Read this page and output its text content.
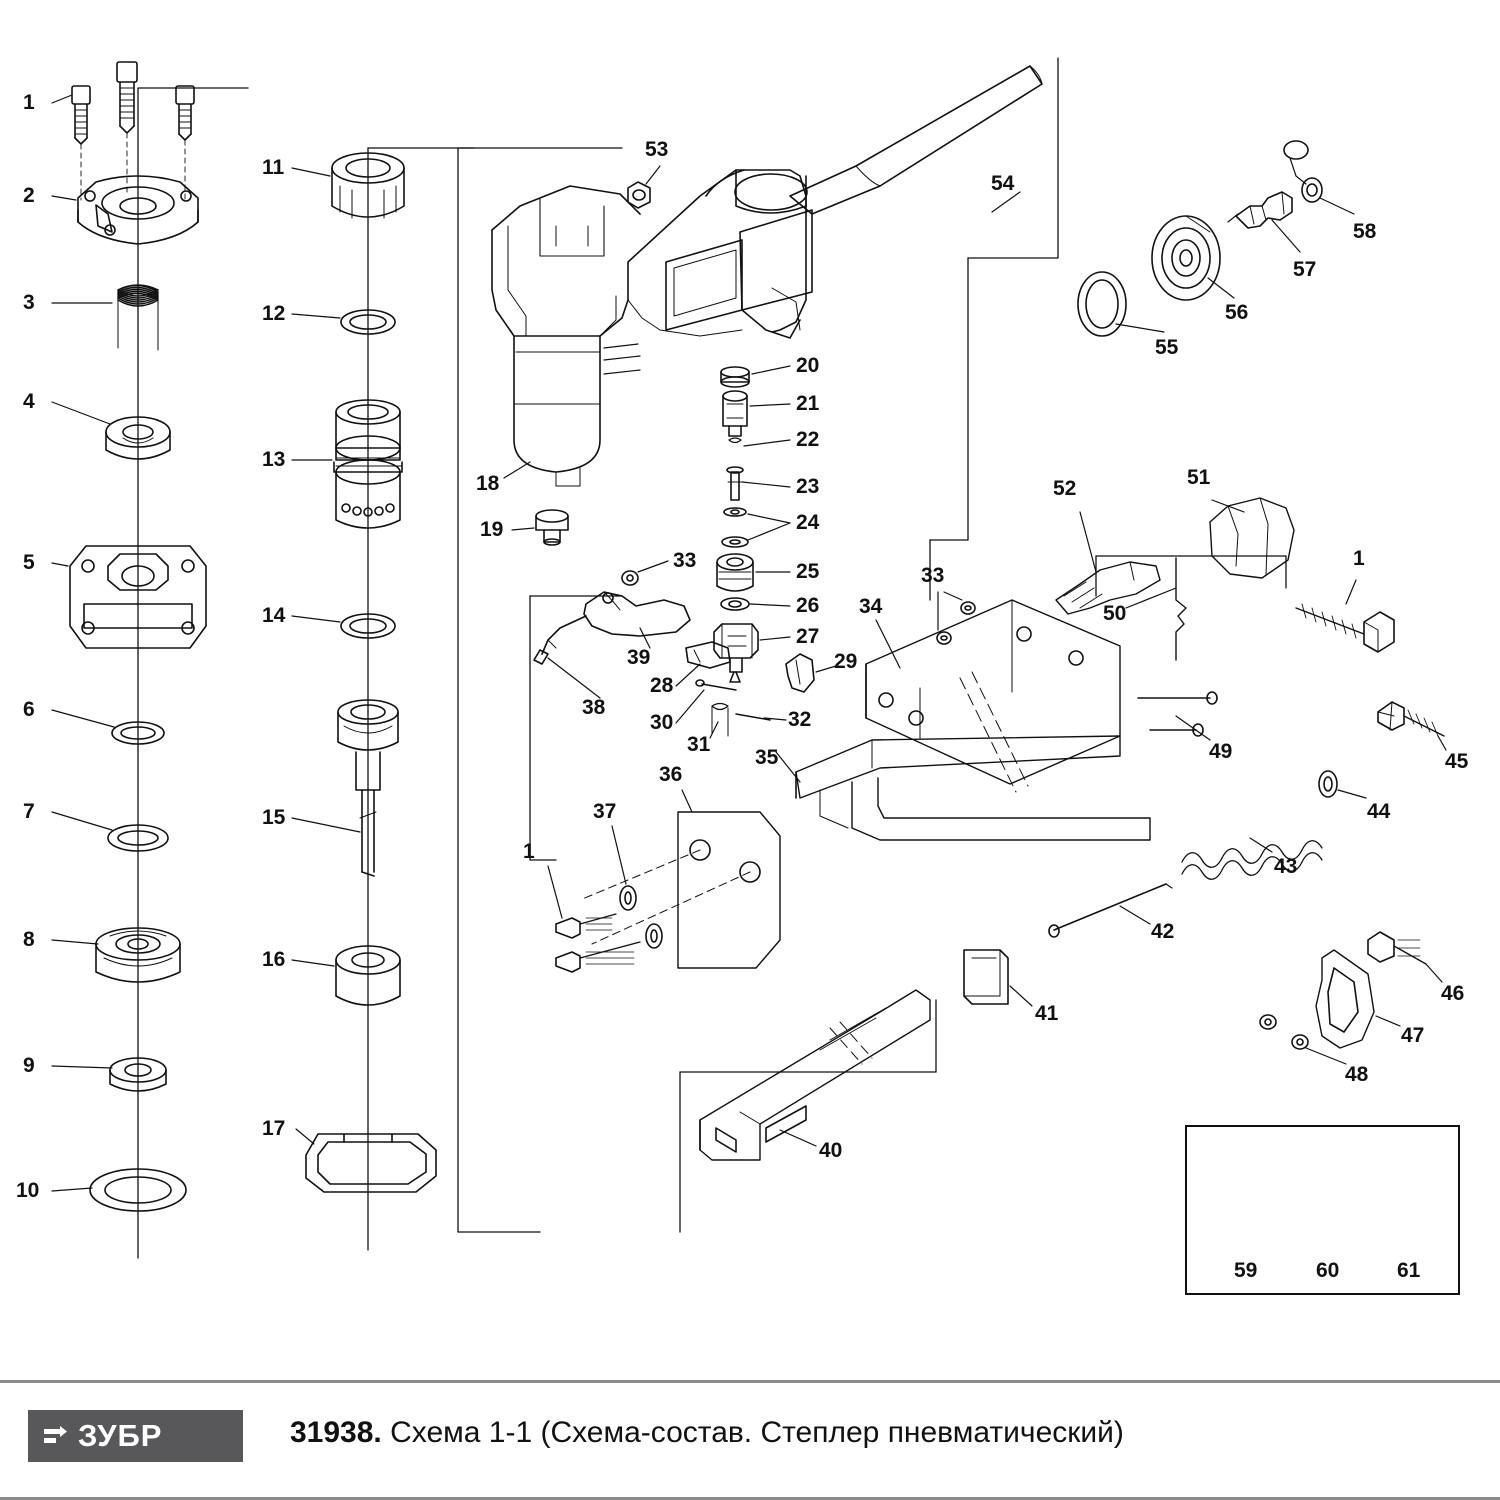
1
2
3
4
5
6
7
8
9
10
11
12
13
14
15
16
17
18
19
20
21
22
23
24
25
26
27
28
29
30
31
32
33
33
34
35
36
37
38
39
1
40
41
42
43
44
45
46
47
48
49
50
51
52
53
54
55
56
57
58
1
59	60	61
ЗУБР	31938. Схема 1-1 (Схема-состав. Степлер пневматический)
